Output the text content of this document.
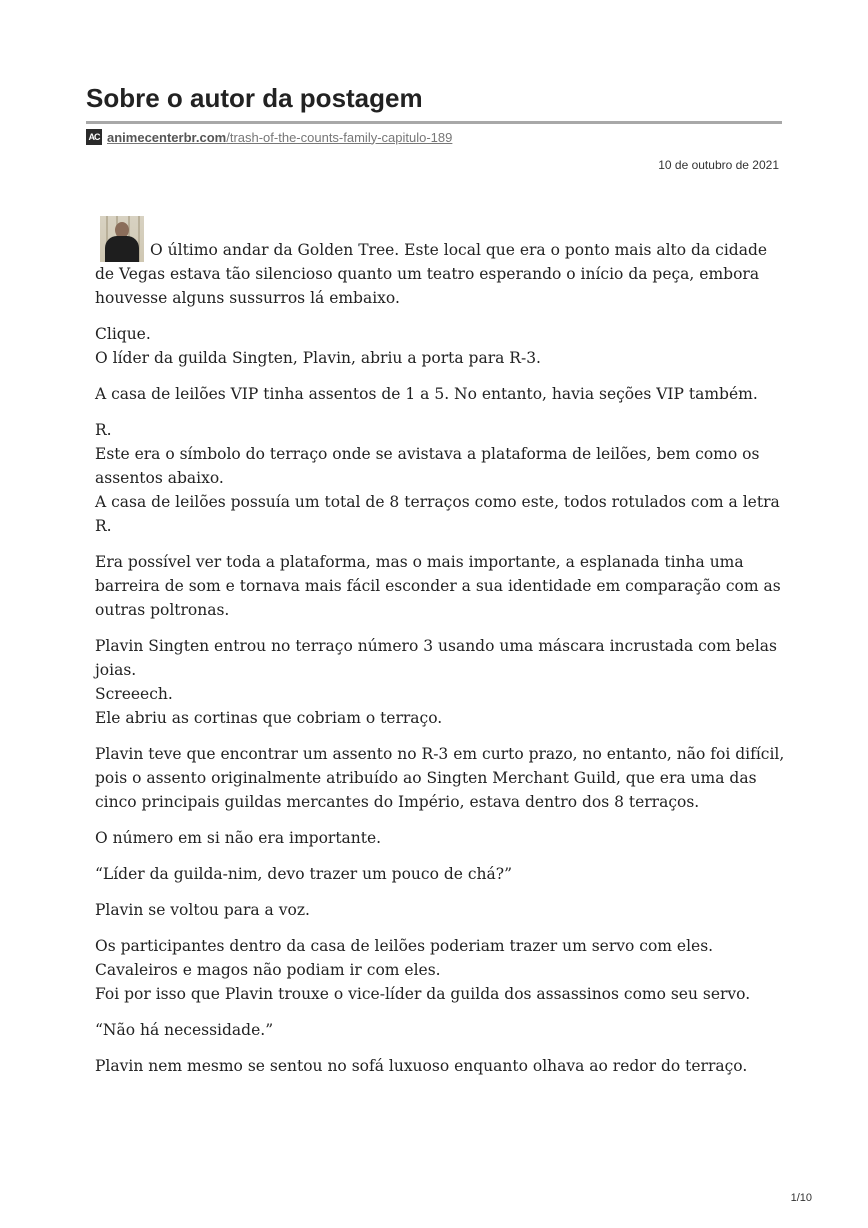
Sobre o autor da postagem
AC animecenterbr.com/trash-of-the-counts-family-capitulo-189
10 de outubro de 2021

O último andar da Golden Tree. Este local que era o ponto mais alto da cidade de Vegas estava tão silencioso quanto um teatro esperando o início da peça, embora houvesse alguns sussurros lá embaixo.

Clique.
O líder da guilda Singten, Plavin, abriu a porta para R-3.

A casa de leilões VIP tinha assentos de 1 a 5. No entanto, havia seções VIP também.

R.
Este era o símbolo do terraço onde se avistava a plataforma de leilões, bem como os assentos abaixo.
A casa de leilões possuía um total de 8 terraços como este, todos rotulados com a letra R.

Era possível ver toda a plataforma, mas o mais importante, a esplanada tinha uma barreira de som e tornava mais fácil esconder a sua identidade em comparação com as outras poltronas.

Plavin Singten entrou no terraço número 3 usando uma máscara incrustada com belas joias.
Screeech.
Ele abriu as cortinas que cobriam o terraço.

Plavin teve que encontrar um assento no R-3 em curto prazo, no entanto, não foi difícil, pois o assento originalmente atribuído ao Singten Merchant Guild, que era uma das cinco principais guildas mercantes do Império, estava dentro dos 8 terraços.

O número em si não era importante.

“Líder da guilda-nim, devo trazer um pouco de chá?”

Plavin se voltou para a voz.

Os participantes dentro da casa de leilões poderiam trazer um servo com eles. Cavaleiros e magos não podiam ir com eles.
Foi por isso que Plavin trouxe o vice-líder da guilda dos assassinos como seu servo.

“Não há necessidade.”

Plavin nem mesmo se sentou no sofá luxuoso enquanto olhava ao redor do terraço.

1/10
